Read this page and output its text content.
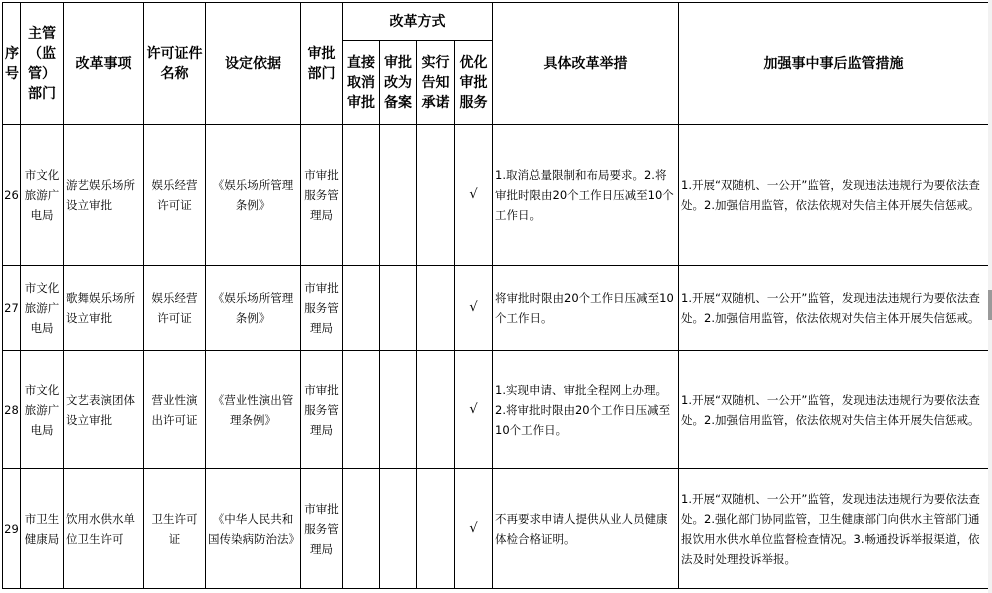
序号	主管（监管）部门	改革事项	许可证件名称	设定依据	审批部门	改革方式				具体改革举措	加强事中事后监管措施
						直接取消审批	审批改为备案	实行告知承诺	优化审批服务		
26	市文化旅游广电局	游艺娱乐场所设立审批	娱乐经营许可证	《娱乐场所管理条例》	市审批服务管理局				√	1.取消总量限制和布局要求。2.将审批时限由20个工作日压减至10个工作日。	1.开展“双随机、一公开”监管，发现违法违规行为要依法查处。2.加强信用监管，依法依规对失信主体开展失信惩戒。
27	市文化旅游广电局	歌舞娱乐场所设立审批	娱乐经营许可证	《娱乐场所管理条例》	市审批服务管理局				√	将审批时限由20个工作日压减至10个工作日。	1.开展“双随机、一公开”监管，发现违法违规行为要依法查处。2.加强信用监管，依法依规对失信主体开展失信惩戒。
28	市文化旅游广电局	文艺表演团体设立审批	营业性演出许可证	《营业性演出管理条例》	市审批服务管理局				√	1.实现申请、审批全程网上办理。2.将审批时限由20个工作日压减至10个工作日。	1.开展“双随机、一公开”监管，发现违法违规行为要依法查处。2.加强信用监管，依法依规对失信主体开展失信惩戒。
29	市卫生健康局	饮用水供水单位卫生许可	卫生许可证	《中华人民共和国传染病防治法》	市审批服务管理局				√	不再要求申请人提供从业人员健康体检合格证明。	1.开展“双随机、一公开”监管，发现违法违规行为要依法查处。2.强化部门协同监管，卫生健康部门向供水主管部门通报饮用水供水单位监督检查情况。3.畅通投诉举报渠道，依法及时处理投诉举报。
